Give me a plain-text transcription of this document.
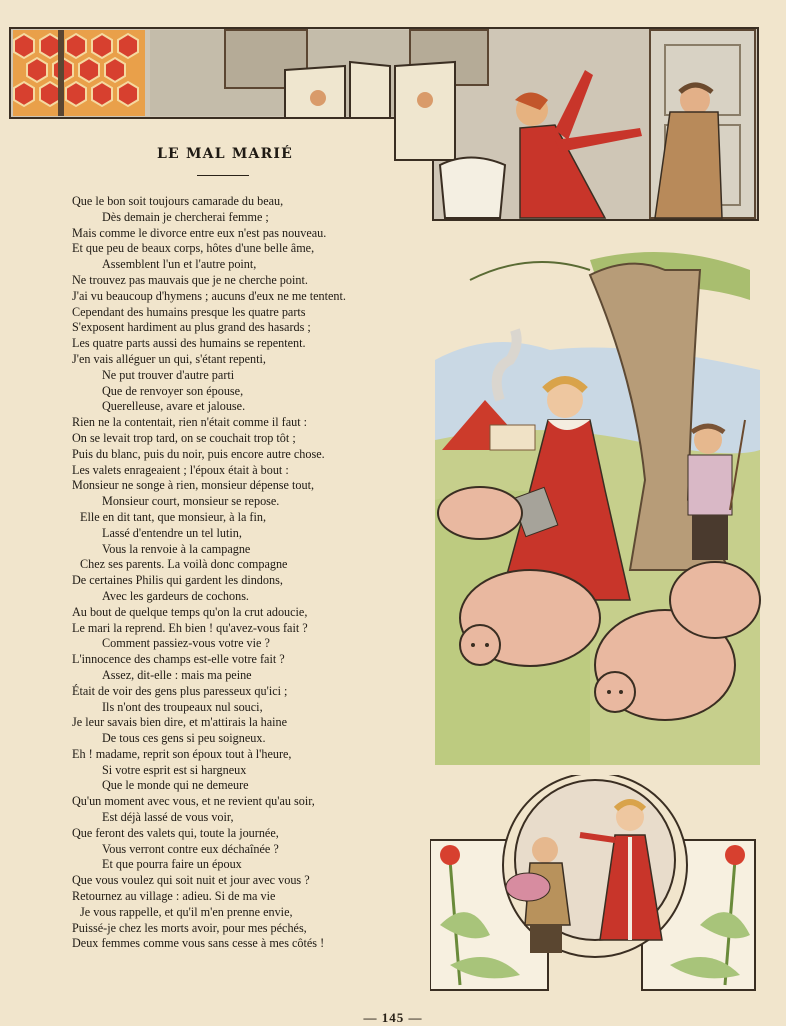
LE MAL MARIÉ
Que le bon soit toujours camarade du beau,
Dès demain je chercherai femme ;
Mais comme le divorce entre eux n'est pas nouveau.
Et que peu de beaux corps, hôtes d'une belle âme,
Assemblent l'un et l'autre point,
Ne trouvez pas mauvais que je ne cherche point.
J'ai vu beaucoup d'hymens ; aucuns d'eux ne me tentent.
Cependant des humains presque les quatre parts
S'exposent hardiment au plus grand des hasards ;
Les quatre parts aussi des humains se repentent.
J'en vais alléguer un qui, s'étant repenti,
Ne put trouver d'autre parti
Que de renvoyer son épouse,
Querelleuse, avare et jalouse.
Rien ne la contentait, rien n'était comme il faut :
On se levait trop tard, on se couchait trop tôt ;
Puis du blanc, puis du noir, puis encore autre chose.
Les valets enrageaient ; l'époux était à bout :
Monsieur ne songe à rien, monsieur dépense tout,
Monsieur court, monsieur se repose.
Elle en dit tant, que monsieur, à la fin,
Lassé d'entendre un tel lutin,
Vous la renvoie à la campagne
Chez ses parents. La voilà donc compagne
De certaines Philis qui gardent les dindons,
Avec les gardeurs de cochons.
Au bout de quelque temps qu'on la crut adoucie,
Le mari la reprend. Eh bien ! qu'avez-vous fait ?
Comment passiez-vous votre vie ?
L'innocence des champs est-elle votre fait ?
Assez, dit-elle : mais ma peine
Était de voir des gens plus paresseux qu'ici ;
Ils n'ont des troupeaux nul souci,
Je leur savais bien dire, et m'attirais la haine
De tous ces gens si peu soigneux.
Eh ! madame, reprit son époux tout à l'heure,
Si votre esprit est si hargneux
Que le monde qui ne demeure
Qu'un moment avec vous, et ne revient qu'au soir,
Est déjà lassé de vous voir,
Que feront des valets qui, toute la journée,
Vous verront contre eux déchaînée ?
Et que pourra faire un époux
Que vous voulez qui soit nuit et jour avec vous ?
Retournez au village : adieu. Si de ma vie
Je vous rappelle, et qu'il m'en prenne envie,
Puissé-je chez les morts avoir, pour mes péchés,
Deux femmes comme vous sans cesse à mes côtés !
— 145 —
